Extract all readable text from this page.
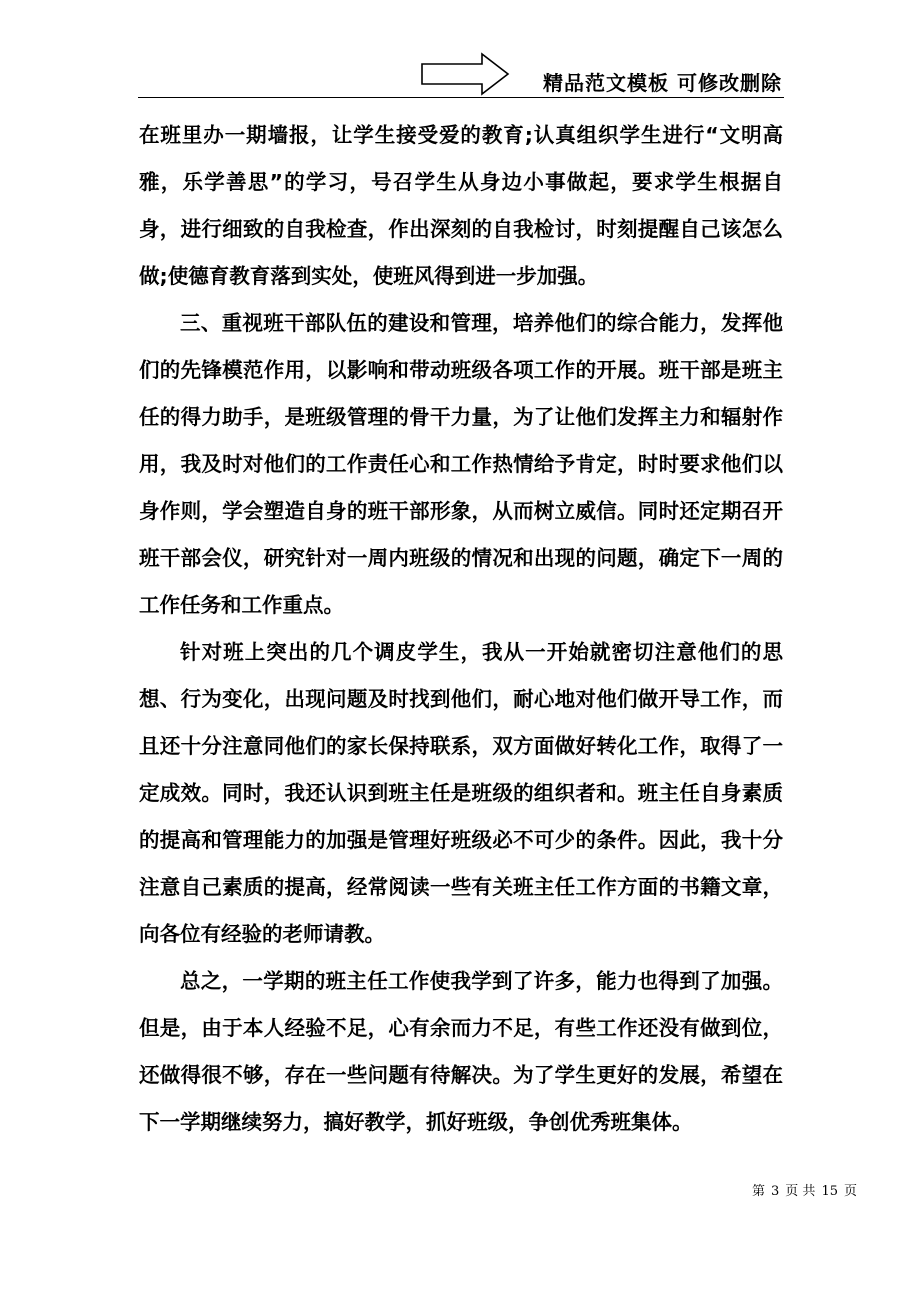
精品范文模板 可修改删除

在班里办一期墙报，让学生接受爱的教育;认真组织学生进行“文明高雅，乐学善思”的学习，号召学生从身边小事做起，要求学生根据自身，进行细致的自我检查，作出深刻的自我检讨，时刻提醒自己该怎么做;使德育教育落到实处，使班风得到进一步加强。

三、重视班干部队伍的建设和管理，培养他们的综合能力，发挥他们的先锋模范作用，以影响和带动班级各项工作的开展。班干部是班主任的得力助手，是班级管理的骨干力量，为了让他们发挥主力和辐射作用，我及时对他们的工作责任心和工作热情给予肯定，时时要求他们以身作则，学会塑造自身的班干部形象，从而树立威信。同时还定期召开班干部会仪，研究针对一周内班级的情况和出现的问题，确定下一周的工作任务和工作重点。

针对班上突出的几个调皮学生，我从一开始就密切注意他们的思想、行为变化，出现问题及时找到他们，耐心地对他们做开导工作，而且还十分注意同他们的家长保持联系，双方面做好转化工作，取得了一定成效。同时，我还认识到班主任是班级的组织者和。班主任自身素质的提高和管理能力的加强是管理好班级必不可少的条件。因此，我十分注意自己素质的提高，经常阅读一些有关班主任工作方面的书籍文章，向各位有经验的老师请教。

总之，一学期的班主任工作使我学到了许多，能力也得到了加强。但是，由于本人经验不足，心有余而力不足，有些工作还没有做到位，还做得很不够，存在一些问题有待解决。为了学生更好的发展，希望在下一学期继续努力，搞好教学，抓好班级，争创优秀班集体。

第 3 页 共 15 页
